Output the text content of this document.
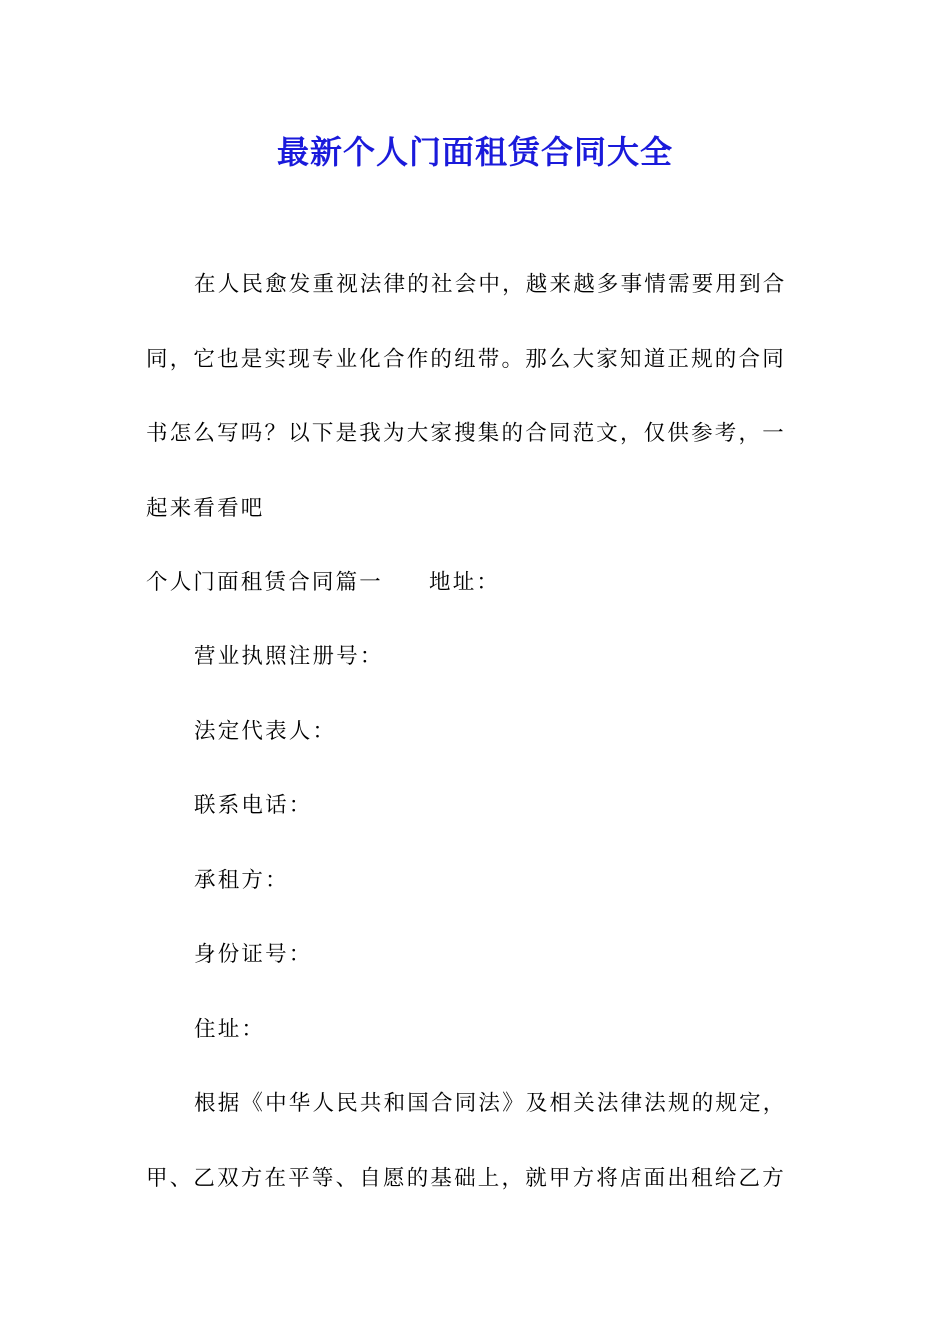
最新个人门面租赁合同大全
在人民愈发重视法律的社会中，越来越多事情需要用到合
同，它也是实现专业化合作的纽带。那么大家知道正规的合同
书怎么写吗？以下是我为大家搜集的合同范文，仅供参考，一
起来看看吧
个人门面租赁合同篇一 地址：
营业执照注册号：
法定代表人：
联系电话：
承租方：
身份证号：
住址：
根据《中华人民共和国合同法》及相关法律法规的规定，
甲、乙双方在平等、自愿的基础上，就甲方将店面出租给乙方
